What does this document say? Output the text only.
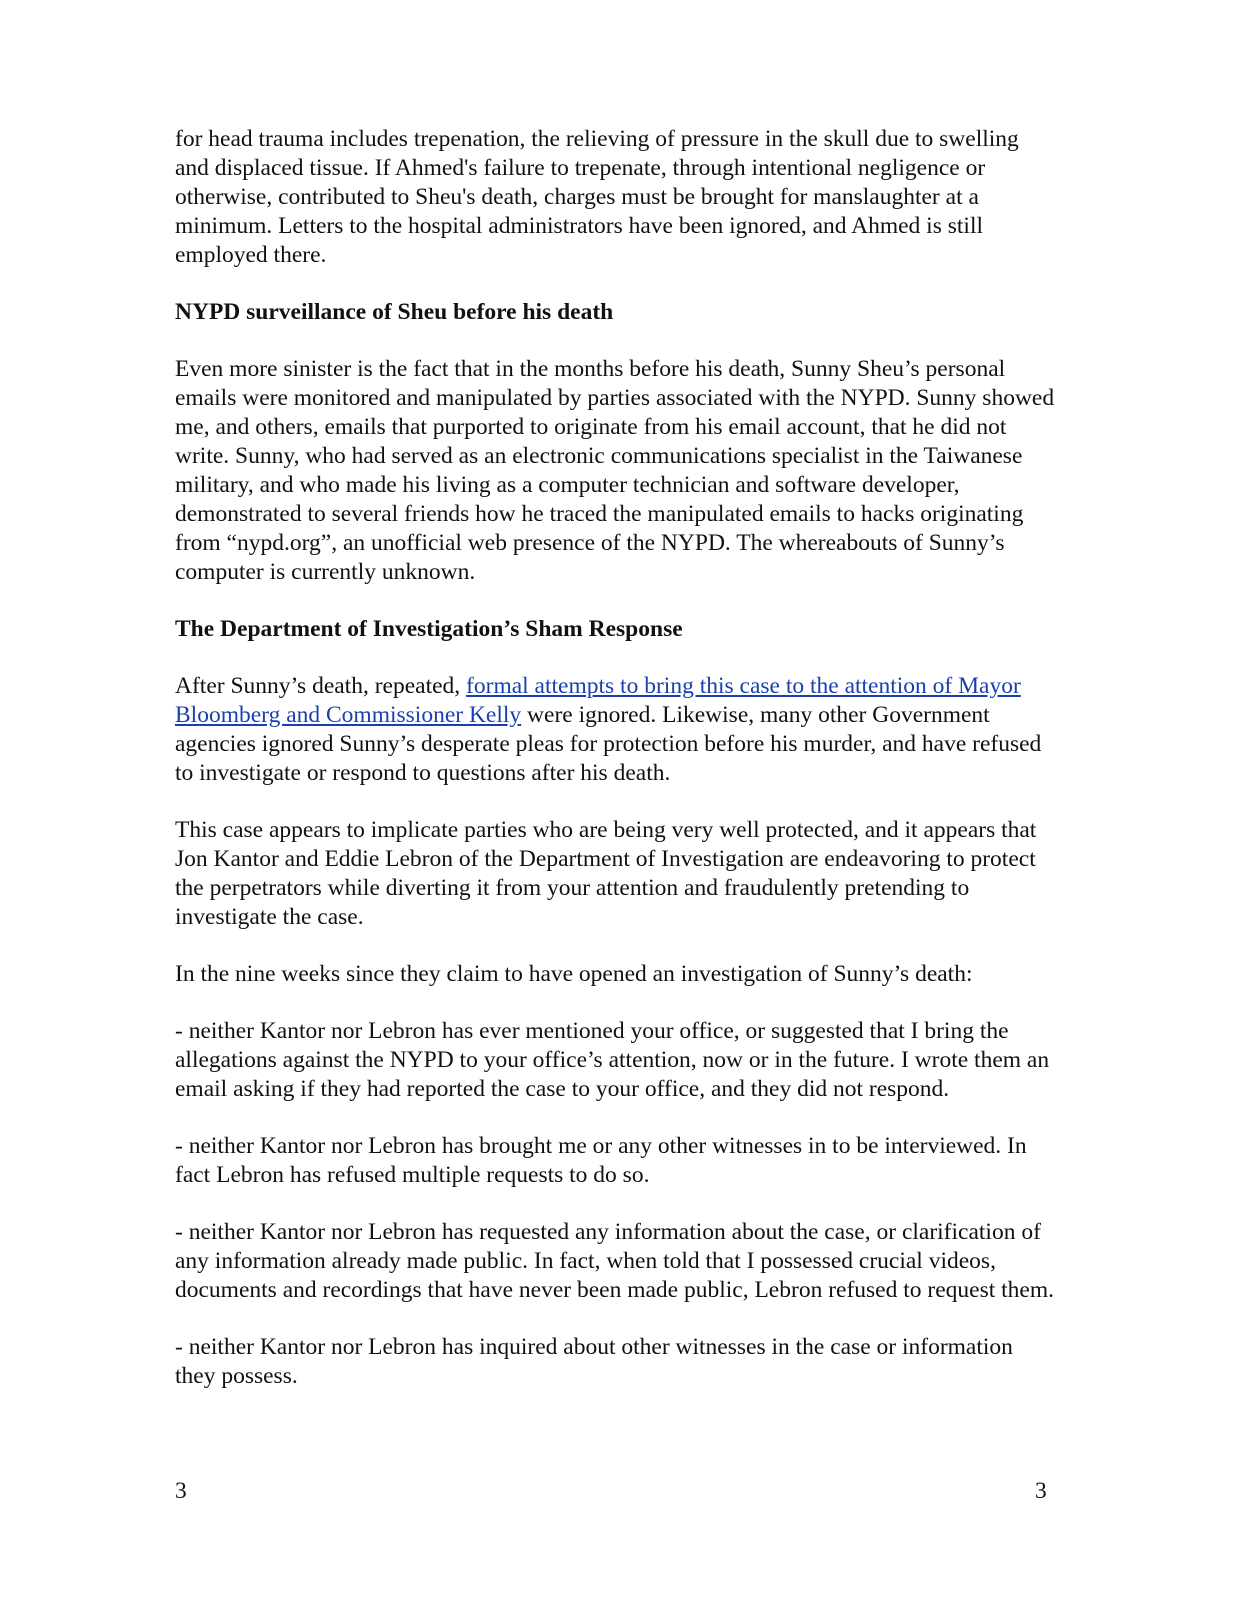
for head trauma includes trepenation, the relieving of pressure in the skull due to swelling and displaced tissue. If Ahmed's failure to trepenate, through intentional negligence or otherwise, contributed to Sheu's death, charges must be brought for manslaughter at a minimum. Letters to the hospital administrators have been ignored, and Ahmed is still employed there.

NYPD surveillance of Sheu before his death

Even more sinister is the fact that in the months before his death, Sunny Sheu’s personal emails were monitored and manipulated by parties associated with the NYPD. Sunny showed me, and others, emails that purported to originate from his email account, that he did not write. Sunny, who had served as an electronic communications specialist in the Taiwanese military, and who made his living as a computer technician and software developer, demonstrated to several friends how he traced the manipulated emails to hacks originating from “nypd.org”, an unofficial web presence of the NYPD. The whereabouts of Sunny’s computer is currently unknown.

The Department of Investigation’s Sham Response

After Sunny’s death, repeated, formal attempts to bring this case to the attention of Mayor Bloomberg and Commissioner Kelly were ignored. Likewise, many other Government agencies ignored Sunny’s desperate pleas for protection before his murder, and have refused to investigate or respond to questions after his death.

This case appears to implicate parties who are being very well protected, and it appears that Jon Kantor and Eddie Lebron of the Department of Investigation are endeavoring to protect the perpetrators while diverting it from your attention and fraudulently pretending to investigate the case.

In the nine weeks since they claim to have opened an investigation of Sunny’s death:

- neither Kantor nor Lebron has ever mentioned your office, or suggested that I bring the allegations against the NYPD to your office’s attention, now or in the future. I wrote them an email asking if they had reported the case to your office, and they did not respond.

- neither Kantor nor Lebron has brought me or any other witnesses in to be interviewed. In fact Lebron has refused multiple requests to do so.

- neither Kantor nor Lebron has requested any information about the case, or clarification of any information already made public. In fact, when told that I possessed crucial videos, documents and recordings that have never been made public, Lebron refused to request them.

- neither Kantor nor Lebron has inquired about other witnesses in the case or information they possess.

3	3
